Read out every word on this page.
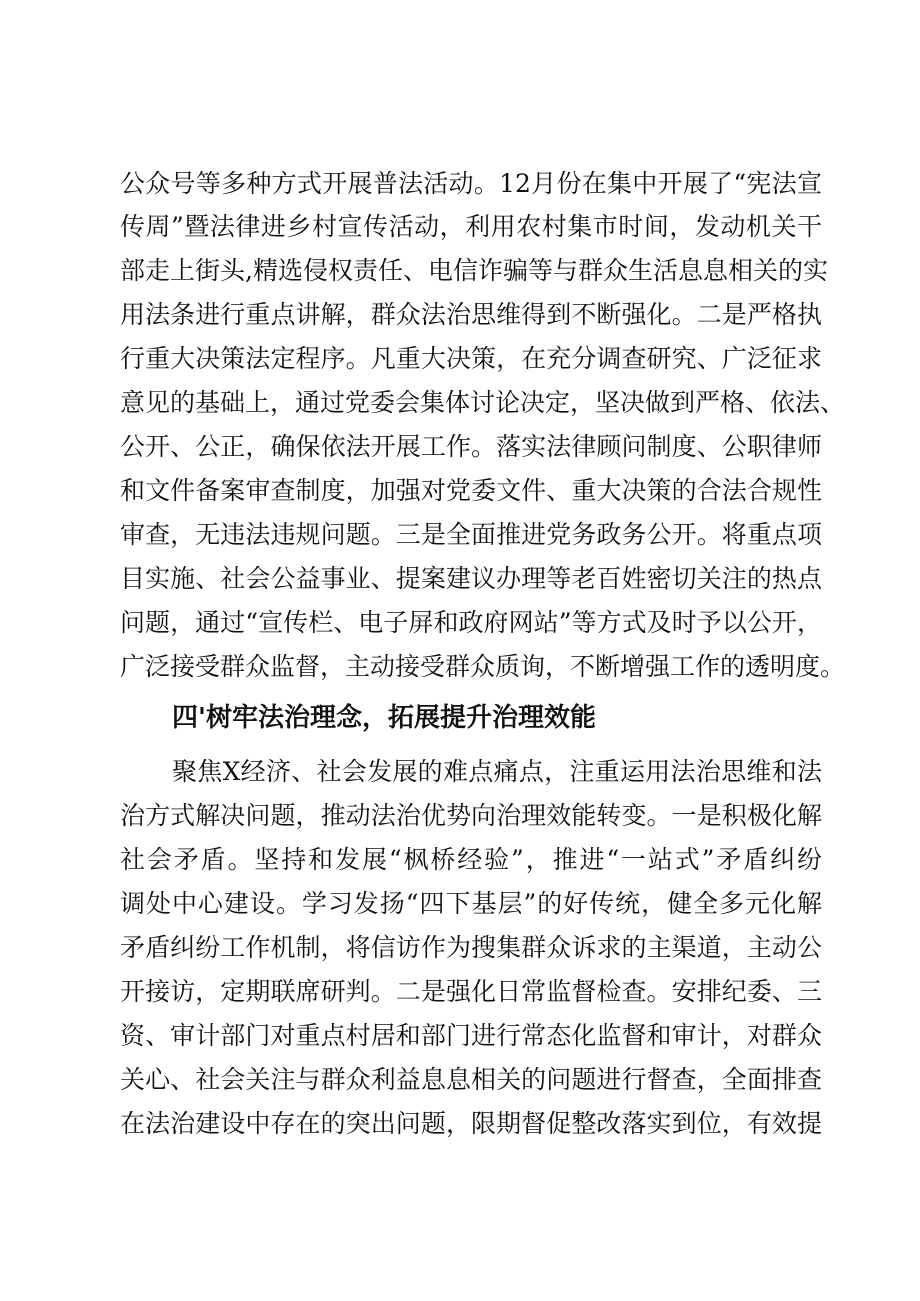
公众号等多种方式开展普法活动。12月份在集中开展了“宪法宣
传周”暨法律进乡村宣传活动，利用农村集市时间，发动机关干
部走上街头,精选侵权责任、电信诈骗等与群众生活息息相关的实
用法条进行重点讲解，群众法治思维得到不断强化。二是严格执
行重大决策法定程序。凡重大决策，在充分调查研究、广泛征求
意见的基础上，通过党委会集体讨论决定，坚决做到严格、依法、
公开、公正，确保依法开展工作。落实法律顾问制度、公职律师
和文件备案审查制度，加强对党委文件、重大决策的合法合规性
审查，无违法违规问题。三是全面推进党务政务公开。将重点项
目实施、社会公益事业、提案建议办理等老百姓密切关注的热点
问题，通过“宣传栏、电子屏和政府网站”等方式及时予以公开，
广泛接受群众监督，主动接受群众质询，不断增强工作的透明度。
四'树牢法治理念，拓展提升治理效能
聚焦X经济、社会发展的难点痛点，注重运用法治思维和法
治方式解决问题，推动法治优势向治理效能转变。一是积极化解
社会矛盾。坚持和发展“枫桥经验”，推进“一站式”矛盾纠纷
调处中心建设。学习发扬“四下基层”的好传统，健全多元化解
矛盾纠纷工作机制，将信访作为搜集群众诉求的主渠道，主动公
开接访，定期联席研判。二是强化日常监督检查。安排纪委、三
资、审计部门对重点村居和部门进行常态化监督和审计，对群众
关心、社会关注与群众利益息息相关的问题进行督查，全面排查
在法治建设中存在的突出问题，限期督促整改落实到位，有效提
